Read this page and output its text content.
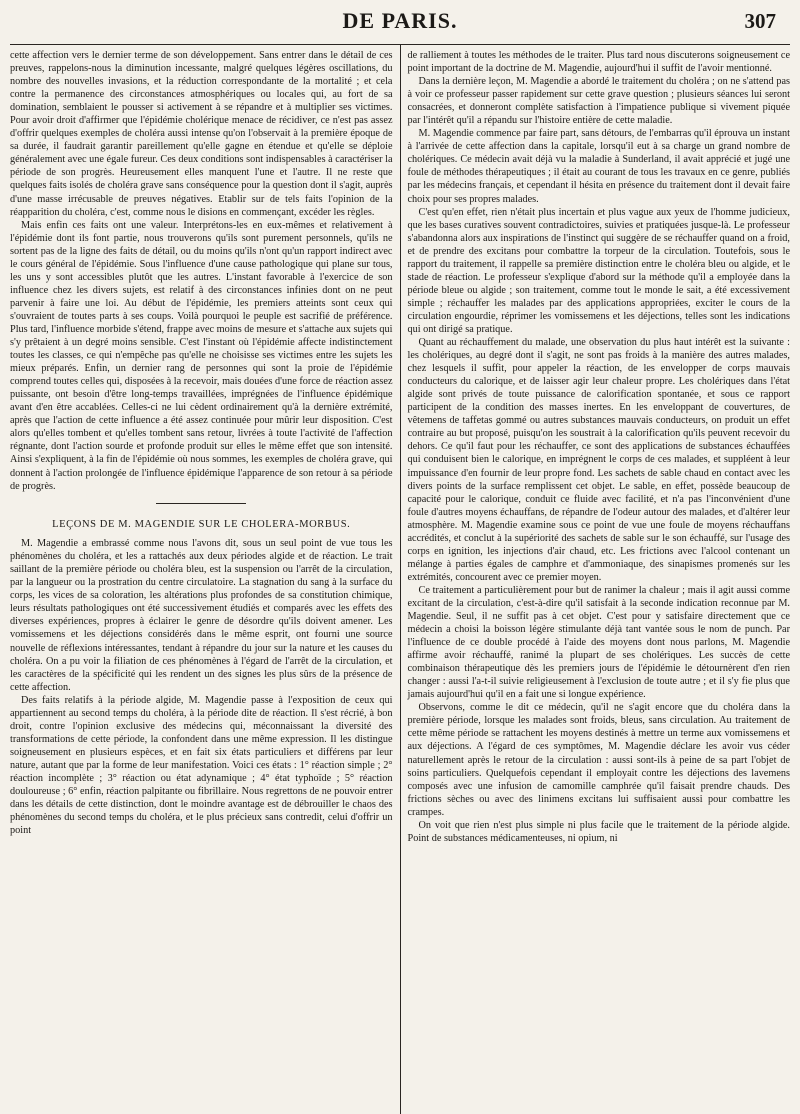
DE PARIS.	307

cette affection vers le dernier terme de son développement. Sans entrer dans le détail de ces preuves, rappelons-nous la diminution incessante, malgré quelques légères oscillations, du nombre des nouvelles invasions, et la réduction correspondante de la mortalité ; et cela contre la permanence des circonstances atmosphériques ou locales qui, au fort de sa domination, semblaient le pousser si activement à se répandre et à multiplier ses victimes. Pour avoir droit d'affirmer que l'épidémie cholérique menace de récidiver, ce n'est pas assez d'offrir quelques exemples de choléra aussi intense qu'on l'observait à la première époque de sa durée, il faudrait garantir pareillement qu'elle gagne en étendue et qu'elle se déploie généralement avec une égale fureur. Ces deux conditions sont indispensables à caractériser la période de son progrès. Heureusement elles manquent l'une et l'autre. Il ne reste que quelques faits isolés de choléra grave sans conséquence pour la question dont il s'agit, auprès d'une masse irrécusable de preuves négatives. Etablir sur de tels faits l'opinion de la réapparition du choléra, c'est, comme nous le disions en commençant, excéder les règles.

Mais enfin ces faits ont une valeur. Interprétons-les en eux-mêmes et relativement à l'épidémie dont ils font partie, nous trouverons qu'ils sont purement personnels, qu'ils ne sortent pas de la ligne des faits de détail, ou du moins qu'ils n'ont qu'un rapport indirect avec le cours général de l'épidémie. Sous l'influence d'une cause pathologique qui plane sur tous, les uns y sont accessibles plutôt que les autres. L'instant favorable à l'exercice de son influence chez les divers sujets, est relatif à des circonstances infinies dont on ne peut parvenir à faire une loi. Au début de l'épidémie, les premiers atteints sont ceux qui s'ouvraient de toutes parts à ses coups. Voilà pourquoi le peuple est sacrifié de préférence. Plus tard, l'influence morbide s'étend, frappe avec moins de mesure et s'attache aux sujets qui s'y prêtaient à un degré moins sensible. C'est l'instant où l'épidémie affecte indistinctement toutes les classes, ce qui n'empêche pas qu'elle ne choisisse ses victimes entre les sujets les mieux préparés. Enfin, un dernier rang de personnes qui sont la proie de l'épidémie comprend toutes celles qui, disposées à la recevoir, mais douées d'une force de réaction assez puissante, ont besoin d'être long-temps travaillées, imprégnées de l'influence épidémique avant d'en être accablées. Celles-ci ne lui cèdent ordinairement qu'à la dernière extrémité, après que l'action de cette influence a été assez continuée pour mûrir leur disposition. C'est alors qu'elles tombent et qu'elles tombent sans retour, livrées à toute l'activité de l'affection régnante, dont l'action sourde et profonde produit sur elles le même effet que son intensité. Ainsi s'expliquent, à la fin de l'épidémie où nous sommes, les exemples de choléra grave, qui donnent à l'action prolongée de l'influence épidémique l'apparence de son retour à sa période de progrès.

LEÇONS DE M. MAGENDIE SUR LE CHOLERA-MORBUS.

M. Magendie a embrassé comme nous l'avons dit, sous un seul point de vue tous les phénomènes du choléra, et les a rattachés aux deux périodes algide et de réaction. Le trait saillant de la première période ou choléra bleu, est la suspension ou l'arrêt de la circulation, par la langueur ou la prostration du centre circulatoire. La stagnation du sang à la surface du corps, les vices de sa coloration, les altérations plus profondes de sa constitution chimique, leurs résultats pathologiques ont été successivement étudiés et comparés avec les effets des diverses expériences, propres à éclairer le genre de désordre qu'ils doivent amener. Les vomissemens et les déjections considérés dans le même esprit, ont fourni une source nouvelle de réflexions intéressantes, tendant à répandre du jour sur la nature et les causes du choléra. On a pu voir la filiation de ces phénomènes à l'égard de l'arrêt de la circulation, et les caractères de la spécificité qui les rendent un des signes les plus sûrs de la présence de cette affection.

Des faits relatifs à la période algide, M. Magendie passe à l'exposition de ceux qui appartiennent au second temps du choléra, à la période dite de réaction. Il s'est récrié, à bon droit, contre l'opinion exclusive des médecins qui, méconnaissant la diversité des transformations de cette période, la confondent dans une même expression. Il les distingue soigneusement en plusieurs espèces, et en fait six états particuliers et différens par leur nature, autant que par la forme de leur manifestation. Voici ces états : 1° réaction simple ; 2° réaction incomplète ; 3° réaction ou état adynamique ; 4° état typhoïde ; 5° réaction douloureuse ; 6° enfin, réaction palpitante ou fibrillaire. Nous regrettons de ne pouvoir entrer dans les détails de cette distinction, dont le moindre avantage est de débrouiller le chaos des phénomènes du second temps du choléra, et le plus précieux sans contredit, celui d'offrir un point

de ralliement à toutes les méthodes de le traiter. Plus tard nous discuterons soigneusement ce point important de la doctrine de M. Magendie, aujourd'hui il suffit de l'avoir mentionné.

Dans la dernière leçon, M. Magendie a abordé le traitement du choléra ; on ne s'attend pas à voir ce professeur passer rapidement sur cette grave question ; plusieurs séances lui seront consacrées, et donneront complète satisfaction à l'impatience publique si vivement piquée par l'intérêt qu'il a répandu sur l'histoire entière de cette maladie.

M. Magendie commence par faire part, sans détours, de l'embarras qu'il éprouva un instant à l'arrivée de cette affection dans la capitale, lorsqu'il eut à sa charge un grand nombre de cholériques. Ce médecin avait déjà vu la maladie à Sunderland, il avait apprécié et jugé une foule de méthodes thérapeutiques ; il était au courant de tous les travaux en ce genre, publiés par les médecins français, et cependant il hésita en présence du traitement dont il devait faire choix pour ses propres malades.

C'est qu'en effet, rien n'était plus incertain et plus vague aux yeux de l'homme judicieux, que les bases curatives souvent contradictoires, suivies et pratiquées jusque-là. Le professeur s'abandonna alors aux inspirations de l'instinct qui suggère de se réchauffer quand on a froid, et de prendre des excitans pour combattre la torpeur de la circulation. Toutefois, sous le rapport du traitement, il rappelle sa première distinction entre le choléra bleu ou algide, et le stade de réaction. Le professeur s'explique d'abord sur la méthode qu'il a employée dans la période bleue ou algide ; son traitement, comme tout le monde le sait, a été excessivement simple ; réchauffer les malades par des applications appropriées, exciter le cours de la circulation engourdie, réprimer les vomissemens et les déjections, telles sont les indications qui ont dirigé sa pratique.

Quant au réchauffement du malade, une observation du plus haut intérêt est la suivante : les cholériques, au degré dont il s'agit, ne sont pas froids à la manière des autres malades, chez lesquels il suffit, pour appeler la réaction, de les envelopper de corps mauvais conducteurs du calorique, et de laisser agir leur chaleur propre. Les cholériques dans l'état algide sont privés de toute puissance de calorification spontanée, et sous ce rapport participent de la condition des masses inertes. En les enveloppant de couvertures, de vêtemens de taffetas gommé ou autres substances mauvais conducteurs, on produit un effet contraire au but proposé, puisqu'on les soustrait à la calorification qu'ils peuvent recevoir du dehors. Ce qu'il faut pour les réchauffer, ce sont des applications de substances échauffées qui conduisent bien le calorique, en imprégnent le corps de ces malades, et suppléent à leur impuissance d'en fournir de leur propre fond. Les sachets de sable chaud en contact avec les divers points de la surface remplissent cet objet. Le sable, en effet, possède beaucoup de capacité pour le calorique, conduit ce fluide avec facilité, et n'a pas l'inconvénient d'une foule d'autres moyens échauffans, de répandre de l'odeur autour des malades, et d'altérer leur atmosphère. M. Magendie examine sous ce point de vue une foule de moyens réchauffans accrédités, et conclut à la supériorité des sachets de sable sur le son échauffé, sur l'usage des corps en ignition, les injections d'air chaud, etc. Les frictions avec l'alcool contenant un mélange à parties égales de camphre et d'ammoniaque, des sinapismes promenés sur les extrémités, concourent avec ce premier moyen.

Ce traitement a particulièrement pour but de ranimer la chaleur ; mais il agit aussi comme excitant de la circulation, c'est-à-dire qu'il satisfait à la seconde indication reconnue par M. Magendie. Seul, il ne suffit pas à cet objet. C'est pour y satisfaire directement que ce médecin a choisi la boisson légère stimulante déjà tant vantée sous le nom de punch. Par l'influence de ce double procédé à l'aide des moyens dont nous parlons, M. Magendie affirme avoir réchauffé, ranimé la plupart de ses cholériques. Les succès de cette combinaison thérapeutique dès les premiers jours de l'épidémie le détournèrent d'en rien changer : aussi l'a-t-il suivie religieusement à l'exclusion de toute autre ; et il s'y fie plus que jamais aujourd'hui qu'il en a fait une si longue expérience.

Observons, comme le dit ce médecin, qu'il ne s'agit encore que du choléra dans la première période, lorsque les malades sont froids, bleus, sans circulation. Au traitement de cette même période se rattachent les moyens destinés à mettre un terme aux vomissemens et aux déjections. A l'égard de ces symptômes, M. Magendie déclare les avoir vus céder naturellement après le retour de la circulation : aussi sont-ils à peine de sa part l'objet de soins particuliers. Quelquefois cependant il employait contre les déjections des lavemens composés avec une infusion de camomille camphrée qu'il faisait prendre chauds. Des frictions sèches ou avec des linimens excitans lui suffisaient aussi pour combattre les crampes.

On voit que rien n'est plus simple ni plus facile que le traitement de la période algide. Point de substances médicamenteuses, ni opium, ni
